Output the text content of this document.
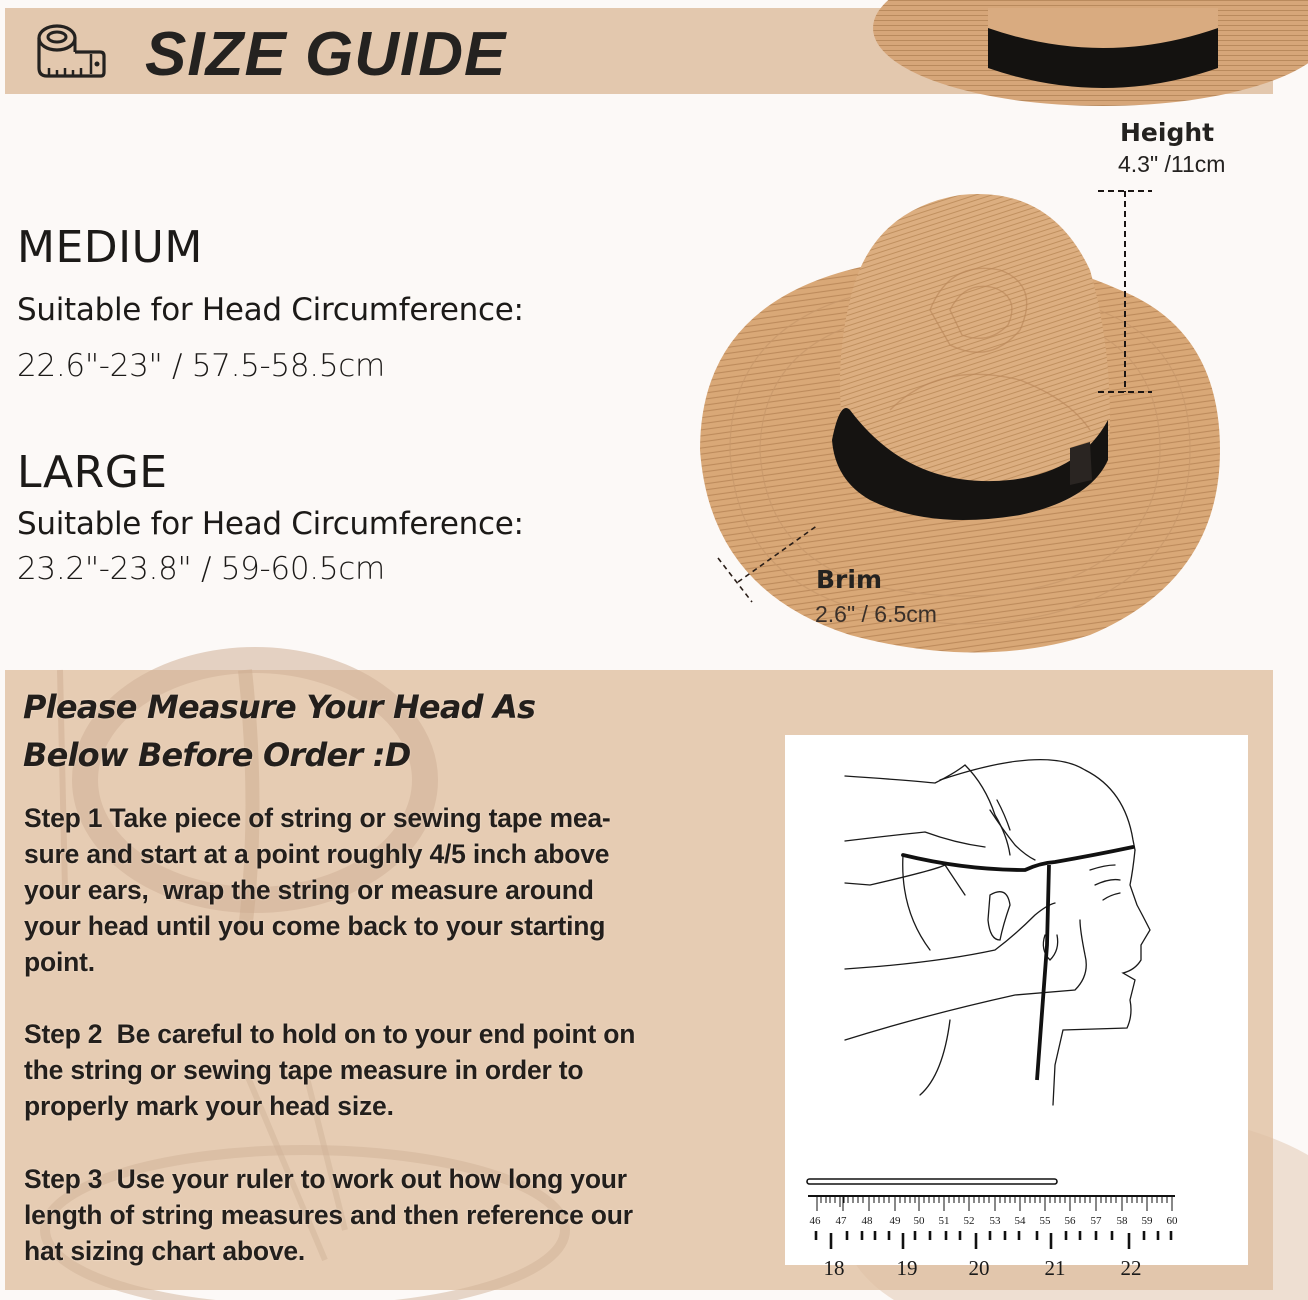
SIZE GUIDE
MEDIUM
Suitable for Head Circumference:
22.6"-23" / 57.5-58.5cm
LARGE
Suitable for Head Circumference:
23.2"-23.8" / 59-60.5cm
Height
4.3" /11cm
Brim
2.6" / 6.5cm
Please Measure Your Head As
Below Before Order :D
Step 1 Take piece of string or sewing tape mea-
sure and start at a point roughly 4/5 inch above
your ears,  wrap the string or measure around
your head until you come back to your starting
point.
Step 2  Be careful to hold on to your end point on
the string or sewing tape measure in order to
properly mark your head size.
Step 3  Use your ruler to work out how long your
length of string measures and then reference our
hat sizing chart above.
46 47 48 49 50 51 52 53 54 55 56 57 58 59 60
18 19 20	21	22
